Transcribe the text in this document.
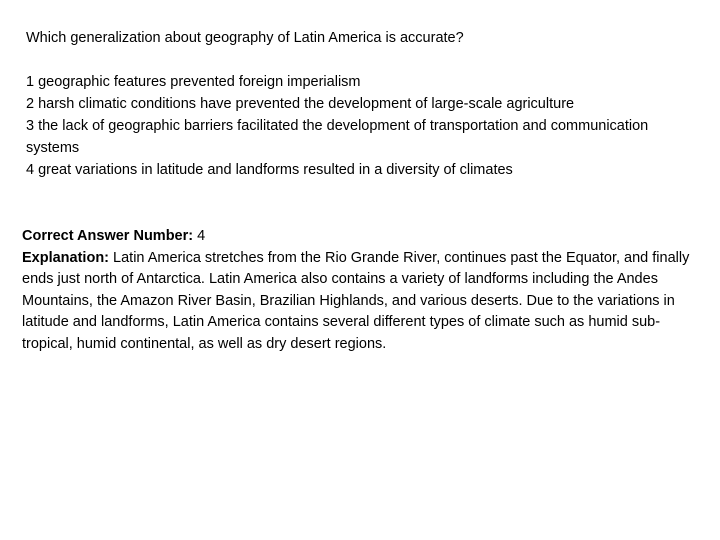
Which generalization about geography of Latin America is accurate?

1 geographic features prevented foreign imperialism

2 harsh climatic conditions have prevented the development of large-scale agriculture

3 the lack of geographic barriers facilitated the development of transportation and communication systems

4 great variations in latitude and landforms resulted in a diversity of climates

Correct Answer Number: 4

Explanation: Latin America stretches from the Rio Grande River, continues past the Equator, and finally ends just north of Antarctica. Latin America also contains a variety of landforms including the Andes Mountains, the Amazon River Basin, Brazilian Highlands, and various deserts. Due to the variations in latitude and landforms, Latin America contains several different types of climate such as humid sub-tropical, humid continental, as well as dry desert regions.
